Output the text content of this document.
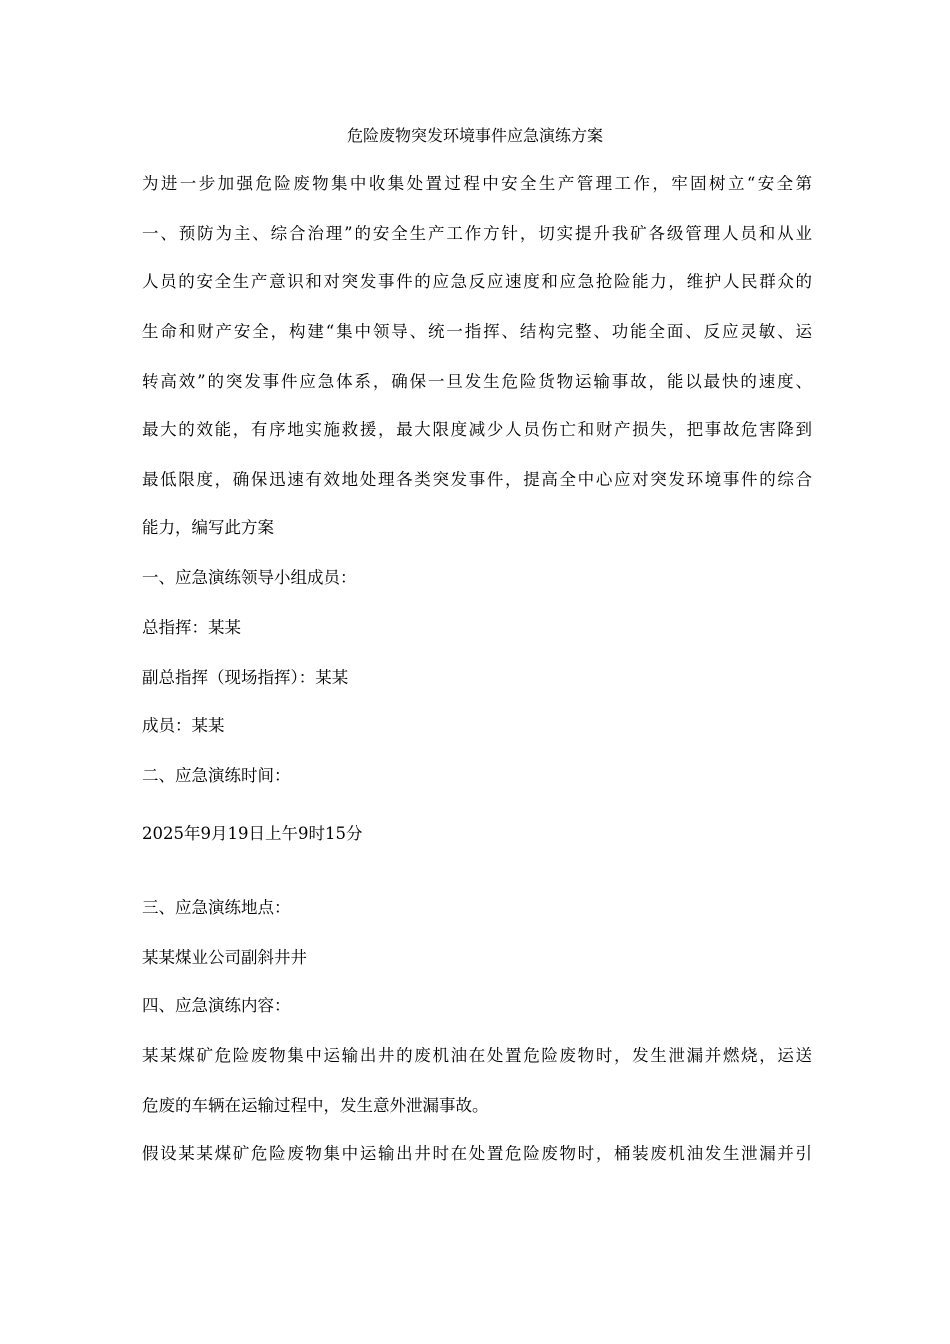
危险废物突发环境事件应急演练方案
为进一步加强危险废物集中收集处置过程中安全生产管理工作，牢固树立“安全第
一、预防为主、综合治理”的安全生产工作方针，切实提升我矿各级管理人员和从业
人员的安全生产意识和对突发事件的应急反应速度和应急抢险能力，维护人民群众的
生命和财产安全，构建“集中领导、统一指挥、结构完整、功能全面、反应灵敏、运
转高效”的突发事件应急体系，确保一旦发生危险货物运输事故，能以最快的速度、
最大的效能，有序地实施救援，最大限度减少人员伤亡和财产损失，把事故危害降到
最低限度，确保迅速有效地处理各类突发事件，提高全中心应对突发环境事件的综合
能力，编写此方案
一、应急演练领导小组成员：
总指挥：某某
副总指挥（现场指挥）：某某
成员：某某
二、应急演练时间：
2025年9月19日上午9时15分
三、应急演练地点：
某某煤业公司副斜井井
四、应急演练内容：
某某煤矿危险废物集中运输出井的废机油在处置危险废物时，发生泄漏并燃烧，运送
危废的车辆在运输过程中，发生意外泄漏事故。
假设某某煤矿危险废物集中运输出井时在处置危险废物时，桶装废机油发生泄漏并引
